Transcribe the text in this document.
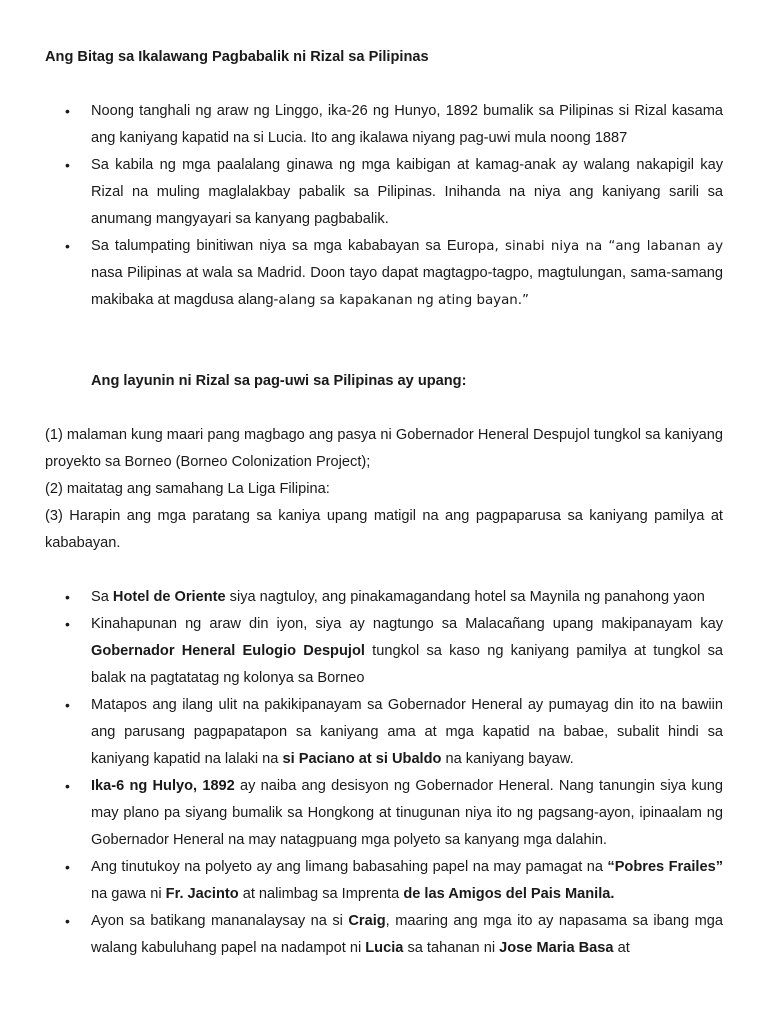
Ang Bitag sa Ikalawang Pagbabalik ni Rizal sa Pilipinas
• Noong tanghali ng araw ng Linggo, ika-26 ng Hunyo, 1892 bumalik sa Pilipinas si Rizal kasama ang kaniyang kapatid na si Lucia. Ito ang ikalawa niyang pag-uwi mula noong 1887
• Sa kabila ng mga paalalang ginawa ng mga kaibigan at kamag-anak ay walang nakapigil kay Rizal na muling maglalakbay pabalik sa Pilipinas. Inihanda na niya ang kaniyang sarili sa anumang mangyayari sa kanyang pagbabalik.
• Sa talumpating binitiwan niya sa mga kababayan sa Europa, sinabi niya na “ang labanan ay nasa Pilipinas at wala sa Madrid. Doon tayo dapat magtagpo-tagpo, magtulungan, sama-samang makibaka at magdusa alang-alang sa kapakanan ng ating bayan.”

Ang layunin ni Rizal sa pag-uwi sa Pilipinas ay upang:

(1) malaman kung maari pang magbago ang pasya ni Gobernador Heneral Despujol tungkol sa kaniyang proyekto sa Borneo (Borneo Colonization Project);

(2) maitatag ang samahang La Liga Filipina:

(3) Harapin ang mga paratang sa kaniya upang matigil na ang pagpaparusa sa kaniyang pamilya at kababayan.

• Sa Hotel de Oriente siya nagtuloy, ang pinakamagandang hotel sa Maynila ng panahong yaon
• Kinahapunan ng araw din iyon, siya ay nagtungo sa Malacañang upang makipanayam kay Gobernador Heneral Eulogio Despujol tungkol sa kaso ng kaniyang pamilya at tungkol sa balak na pagtatatag ng kolonya sa Borneo
• Matapos ang ilang ulit na pakikipanayam sa Gobernador Heneral ay pumayag din ito na bawiin ang parusang pagpapatapon sa kaniyang ama at mga kapatid na babae, subalit hindi sa kaniyang kapatid na lalaki na si Paciano at si Ubaldo na kaniyang bayaw.
• Ika-6 ng Hulyo, 1892 ay naiba ang desisyon ng Gobernador Heneral. Nang tanungin siya kung may plano pa siyang bumalik sa Hongkong at tinugunan niya ito ng pagsang-ayon, ipinaalam ng Gobernador Heneral na may natagpuang mga polyeto sa kanyang mga dalahin.
• Ang tinutukoy na polyeto ay ang limang babasahing papel na may pamagat na “Pobres Frailes” na gawa ni Fr. Jacinto at nalimbag sa Imprenta de las Amigos del Pais Manila.
• Ayon sa batikang mananalaysay na si Craig, maaring ang mga ito ay napasama sa ibang mga walang kabuluhang papel na nadampot ni Lucia sa tahanan ni Jose Maria Basa at
